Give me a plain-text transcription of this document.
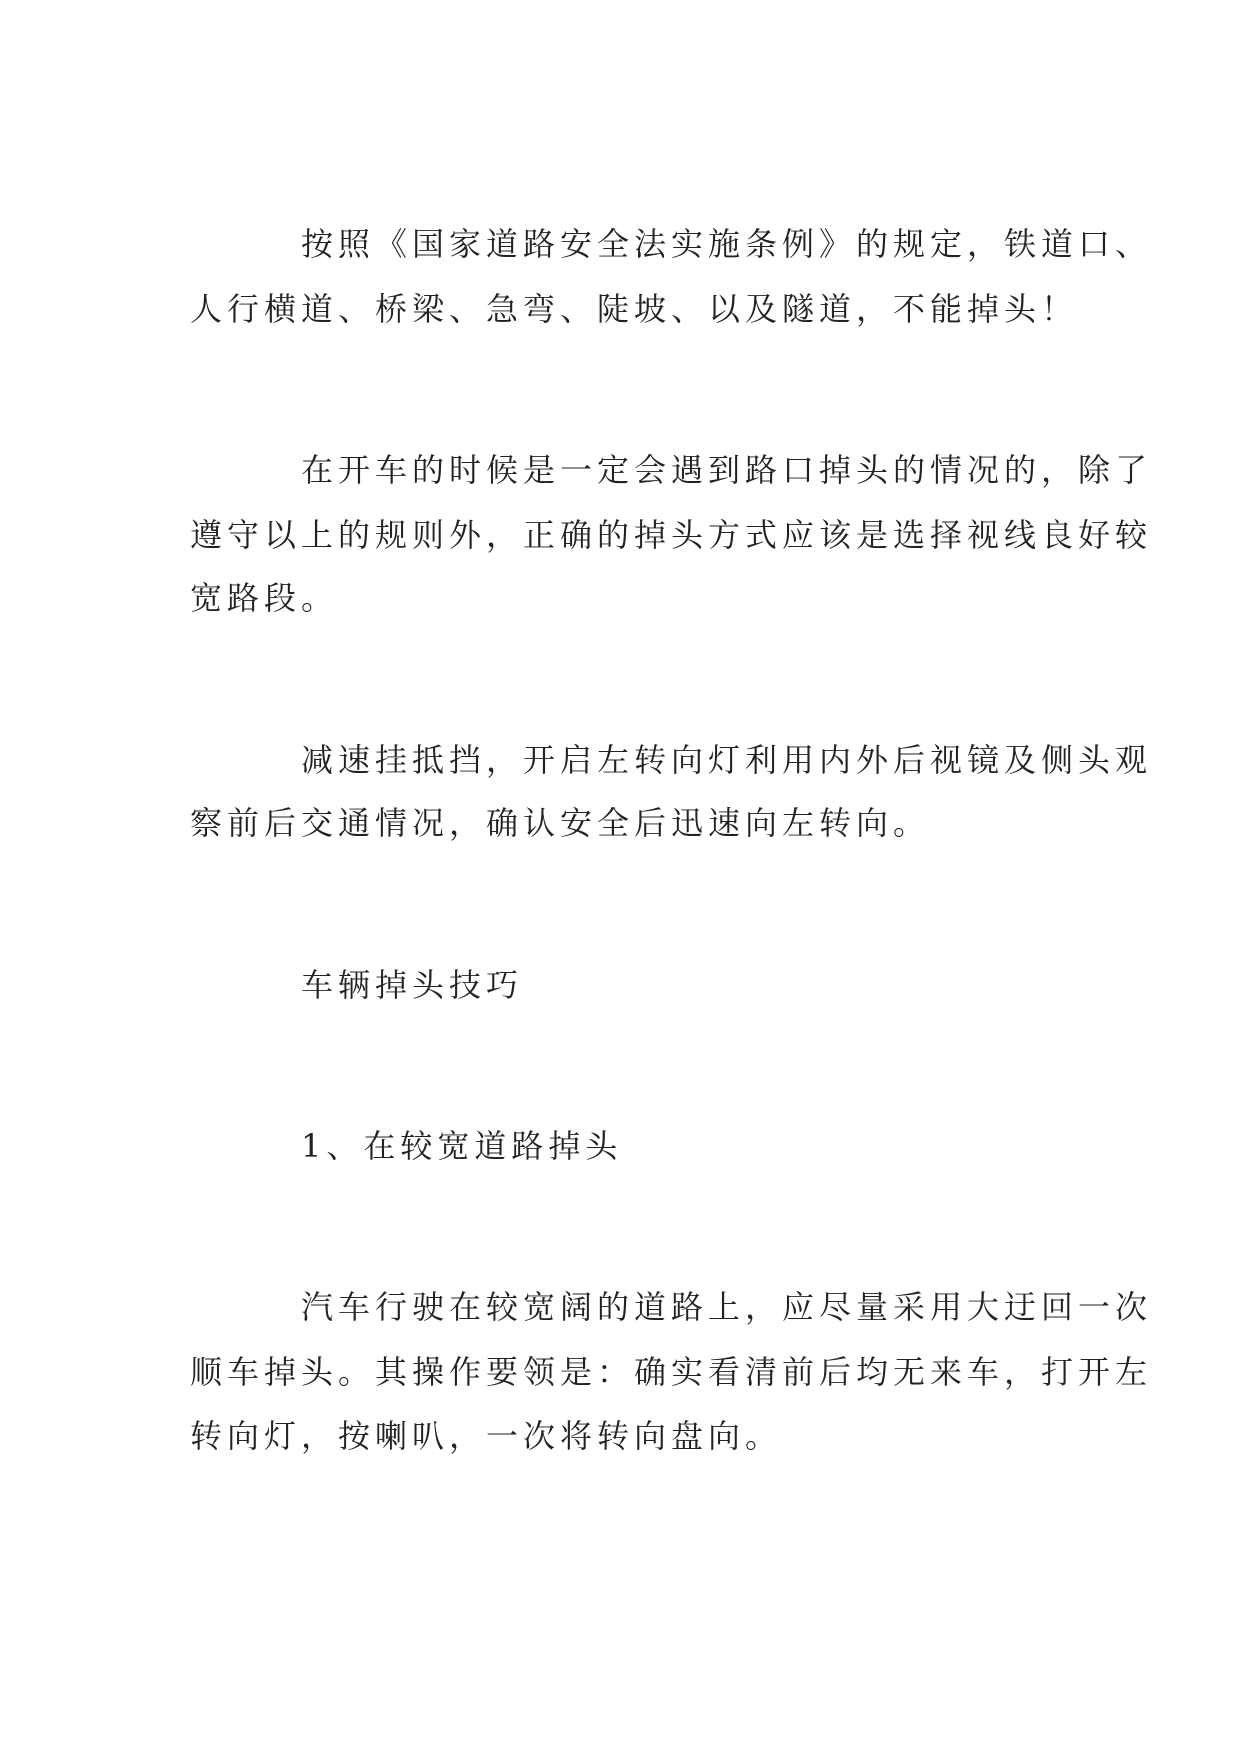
按照《国家道路安全法实施条例》的规定，铁道口、
人行横道、桥梁、急弯、陡坡、以及隧道，不能掉头！
在开车的时候是一定会遇到路口掉头的情况的，除了
遵守以上的规则外，正确的掉头方式应该是选择视线良好较
宽路段。
减速挂抵挡，开启左转向灯利用内外后视镜及侧头观
察前后交通情况，确认安全后迅速向左转向。
车辆掉头技巧
1、在较宽道路掉头
汽车行驶在较宽阔的道路上，应尽量采用大迂回一次
顺车掉头。其操作要领是：确实看清前后均无来车，打开左
转向灯，按喇叭，一次将转向盘向。
